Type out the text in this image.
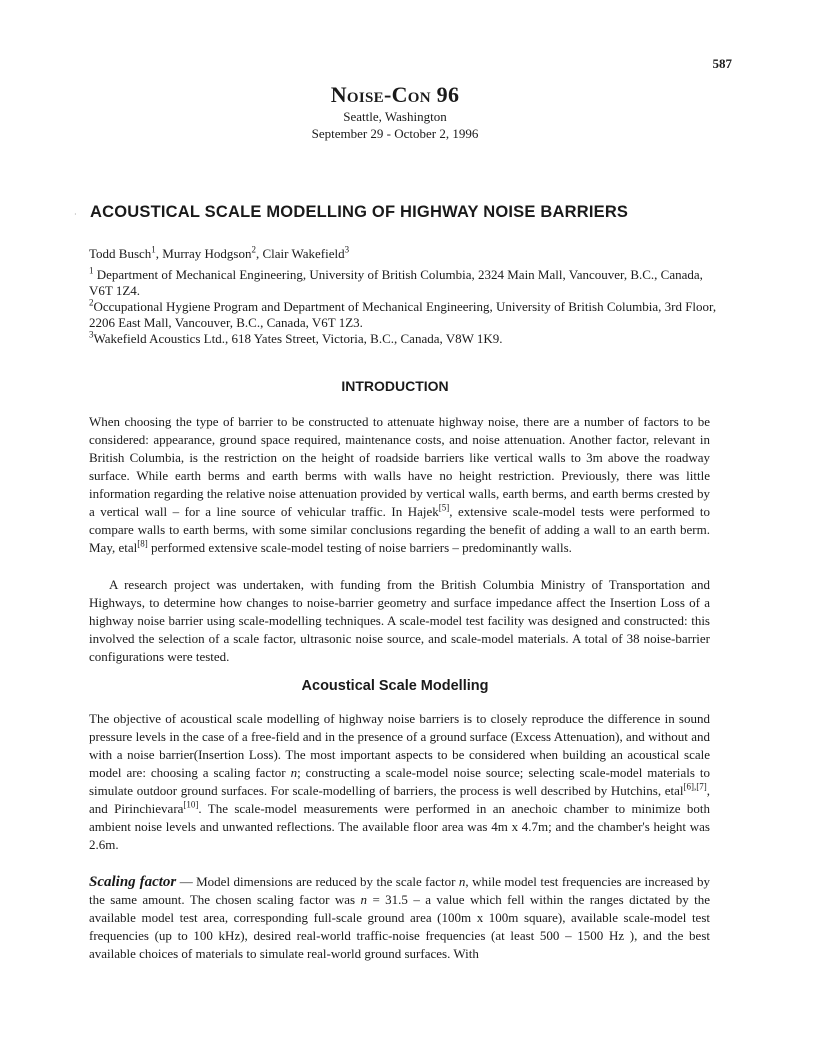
587
Noise-Con 96
Seattle, Washington
September 29 - October 2, 1996
· ACOUSTICAL SCALE MODELLING OF HIGHWAY NOISE BARRIERS
Todd Busch$^1$, Murray Hodgson$^2$, Clair Wakefield$^3$

$^1$ Department of Mechanical Engineering, University of British Columbia, 2324 Main Mall, Vancouver, B.C., Canada, V6T 1Z4.

$^2$Occupational Hygiene Program and Department of Mechanical Engineering, University of British Columbia, 3rd Floor, 2206 East Mall, Vancouver, B.C., Canada, V6T 1Z3.

$^3$Wakefield Acoustics Ltd., 618 Yates Street, Victoria, B.C., Canada, V8W 1K9.

INTRODUCTION

When choosing the type of barrier to be constructed to attenuate highway noise, there are a number of factors to be considered: appearance, ground space required, maintenance costs, and noise attenuation. Another factor, relevant in British Columbia, is the restriction on the height of roadside barriers like vertical walls to 3m above the roadway surface. While earth berms and earth berms with walls have no height restriction. Previously, there was little information regarding the relative noise attenuation provided by vertical walls, earth berms, and earth berms crested by a vertical wall – for a line source of vehicular traffic. In Hajek[5], extensive scale-model tests were performed to compare walls to earth berms, with some similar conclusions regarding the benefit of adding a wall to an earth berm. May, etal[8] performed extensive scale-model testing of noise barriers – predominantly walls.

A research project was undertaken, with funding from the British Columbia Ministry of Transportation and Highways, to determine how changes to noise-barrier geometry and surface impedance affect the Insertion Loss of a highway noise barrier using scale-modelling techniques. A scale-model test facility was designed and constructed: this involved the selection of a scale factor, ultrasonic noise source, and scale-model materials. A total of 38 noise-barrier configurations were tested.

Acoustical Scale Modelling

The objective of acoustical scale modelling of highway noise barriers is to closely reproduce the difference in sound pressure levels in the case of a free-field and in the presence of a ground surface (Excess Attenuation), and without and with a noise barrier(Insertion Loss). The most important aspects to be considered when building an acoustical scale model are: choosing a scaling factor n; constructing a scale-model noise source; selecting scale-model materials to simulate outdoor ground surfaces. For scale-modelling of barriers, the process is well described by Hutchins, etal[6],[7], and Pirinchievara[10]. The scale-model measurements were performed in an anechoic chamber to minimize both ambient noise levels and unwanted reflections. The available floor area was 4m x 4.7m; and the chamber's height was 2.6m.

Scaling factor — Model dimensions are reduced by the scale factor n, while model test frequencies are increased by the same amount. The chosen scaling factor was n = 31.5 – a value which fell within the ranges dictated by the available model test area, corresponding full-scale ground area (100m x 100m square), available scale-model test frequencies (up to 100 kHz), desired real-world traffic-noise frequencies (at least 500 – 1500 Hz ), and the best available choices of materials to simulate real-world ground surfaces. With
